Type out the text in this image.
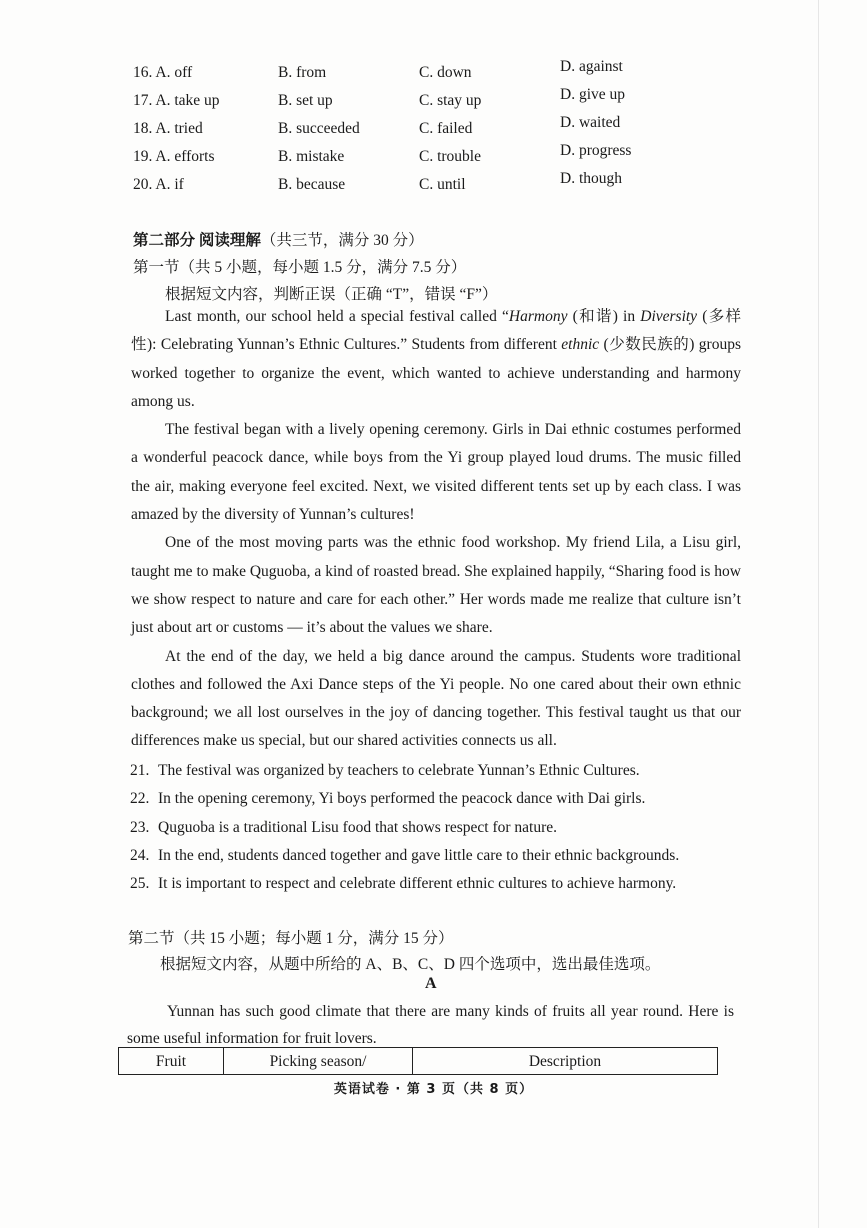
16. A. off	B. from	C. down	D. against
17. A. take up	B. set up	C. stay up	D. give up
18. A. tried	B. succeeded	C. failed	D. waited
19. A. efforts	B. mistake	C. trouble	D. progress
20. A. if	B. because	C. until	D. though
第二部分 阅读理解（共三节，满分 30 分）
第一节（共 5 小题，每小题 1.5 分，满分 7.5 分）
根据短文内容，判断正误（正确 “T”，错误 “F”）

Last month, our school held a special festival called “Harmony (和谐) in Diversity (多样性): Celebrating Yunnan’s Ethnic Cultures.” Students from different ethnic (少数民族的) groups worked together to organize the event, which wanted to achieve understanding and harmony among us.

The festival began with a lively opening ceremony. Girls in Dai ethnic costumes performed a wonderful peacock dance, while boys from the Yi group played loud drums. The music filled the air, making everyone feel excited. Next, we visited different tents set up by each class. I was amazed by the diversity of Yunnan’s cultures!

One of the most moving parts was the ethnic food workshop. My friend Lila, a Lisu girl, taught me to make Quguoba, a kind of roasted bread. She explained happily, “Sharing food is how we show respect to nature and care for each other.” Her words made me realize that culture isn’t just about art or customs — it’s about the values we share.

At the end of the day, we held a big dance around the campus. Students wore traditional clothes and followed the Axi Dance steps of the Yi people. No one cared about their own ethnic background; we all lost ourselves in the joy of dancing together. This festival taught us that our differences make us special, but our shared activities connects us all.

21. The festival was organized by teachers to celebrate Yunnan’s Ethnic Cultures.
22. In the opening ceremony, Yi boys performed the peacock dance with Dai girls.
23. Quguoba is a traditional Lisu food that shows respect for nature.
24. In the end, students danced together and gave little care to their ethnic backgrounds.
25. It is important to respect and celebrate different ethnic cultures to achieve harmony.
第二节（共 15 小题；每小题 1 分，满分 15 分）
根据短文内容，从题中所给的 A、B、C、D 四个选项中，选出最佳选项。
A

Yunnan has such good climate that there are many kinds of fruits all year round. Here is some useful information for fruit lovers.

Fruit	Picking season/	Description
英语试卷 · 第 3 页（共 8 页）
